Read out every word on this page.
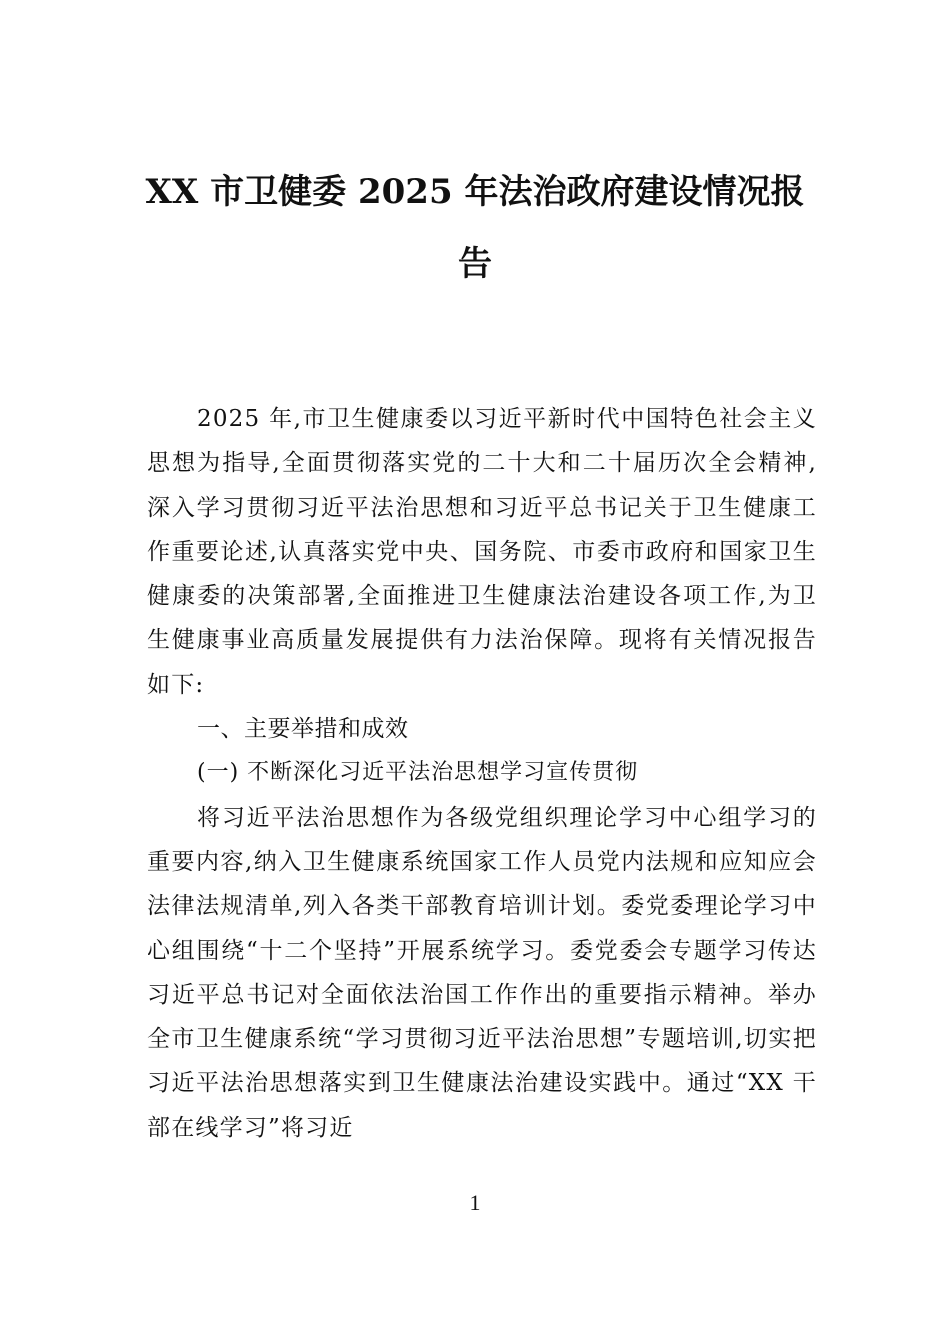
XX 市卫健委 2025 年法治政府建设情况报
告

2025 年,市卫生健康委以习近平新时代中国特色社会主义思想为指导,全面贯彻落实党的二十大和二十届历次全会精神,深入学习贯彻习近平法治思想和习近平总书记关于卫生健康工作重要论述,认真落实党中央、国务院、市委市政府和国家卫生健康委的决策部署,全面推进卫生健康法治建设各项工作,为卫生健康事业高质量发展提供有力法治保障。现将有关情况报告如下:

一、主要举措和成效

(一) 不断深化习近平法治思想学习宣传贯彻

将习近平法治思想作为各级党组织理论学习中心组学习的重要内容,纳入卫生健康系统国家工作人员党内法规和应知应会法律法规清单,列入各类干部教育培训计划。委党委理论学习中心组围绕“十二个坚持”开展系统学习。委党委会专题学习传达习近平总书记对全面依法治国工作作出的重要指示精神。举办全市卫生健康系统“学习贯彻习近平法治思想”专题培训,切实把习近平法治思想落实到卫生健康法治建设实践中。通过“XX 干部在线学习”将习近

1
